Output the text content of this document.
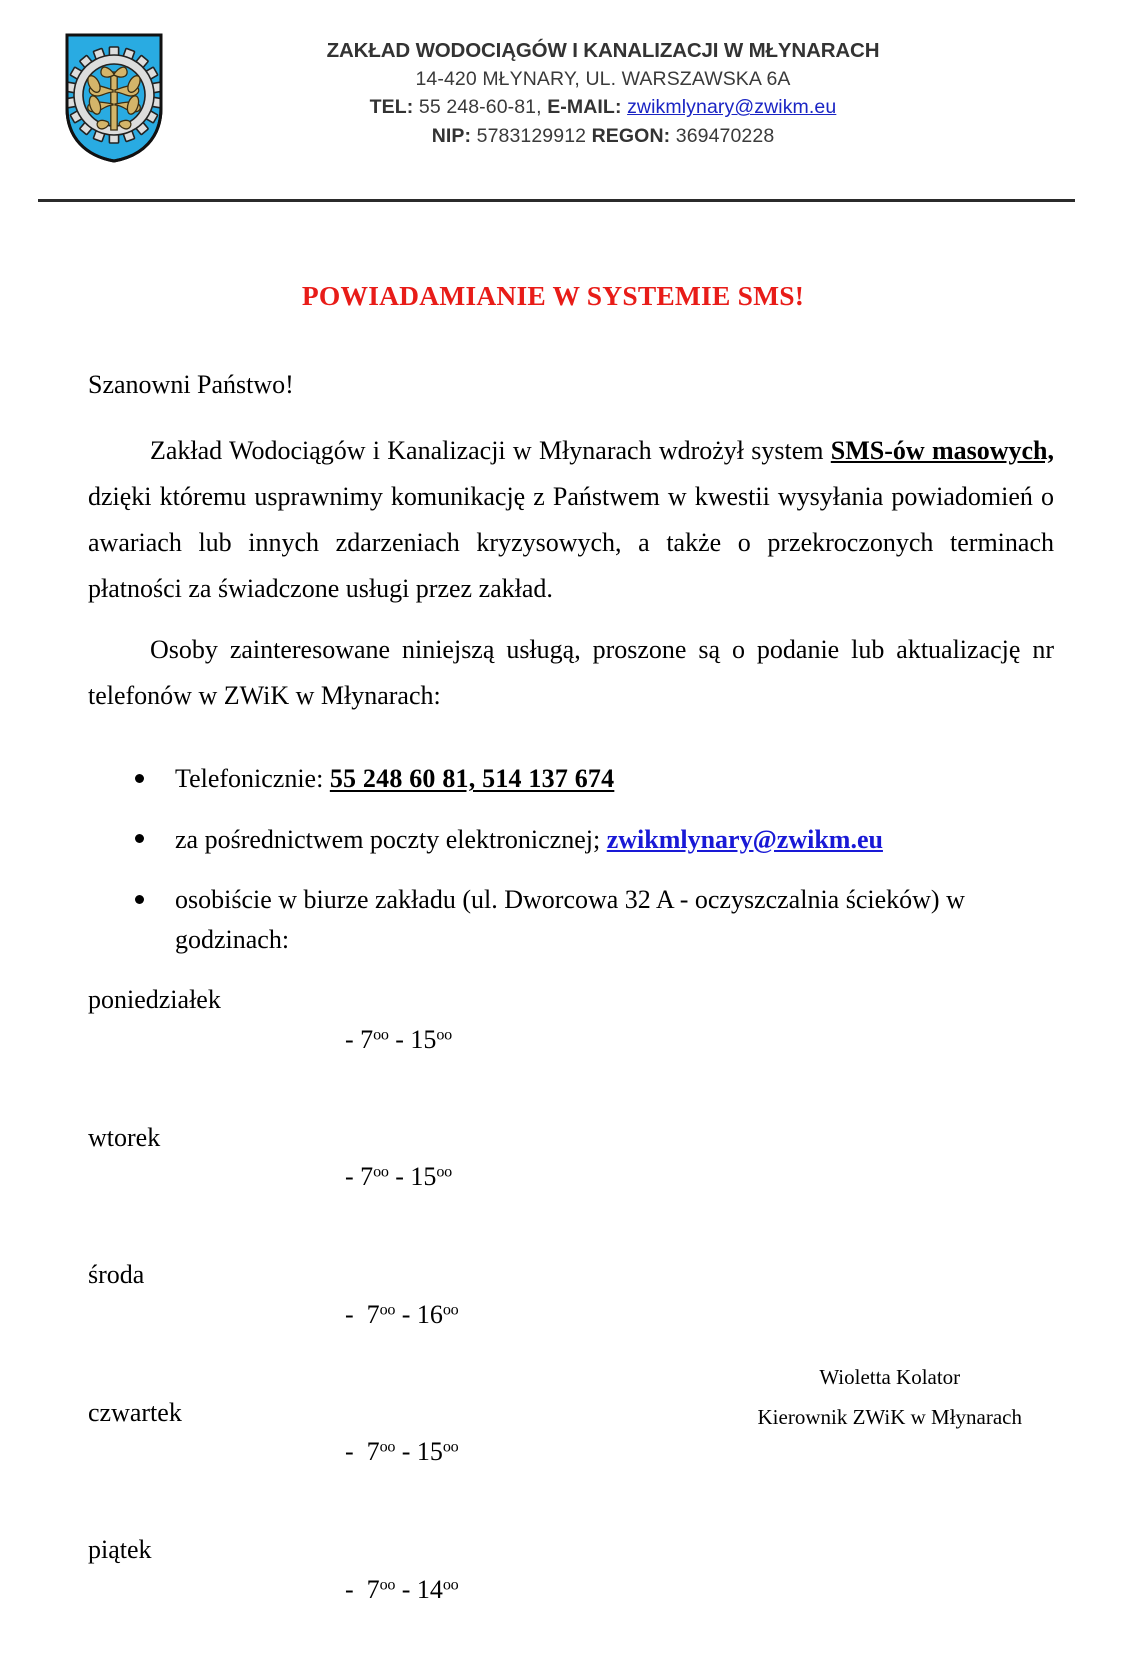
ZAKŁAD WODOCIĄGÓW I KANALIZACJI W MŁYNARACH
14-420 MŁYNARY, UL. WARSZAWSKA 6A
TEL: 55 248-60-81, E-MAIL: zwikmlynary@zwikm.eu
NIP: 5783129912 REGON: 369470228
POWIADAMIANIE W SYSTEMIE SMS!
Szanowni Państwo!

Zakład Wodociągów i Kanalizacji w Młynarach wdrożył system SMS-ów masowych, dzięki któremu usprawnimy komunikację z Państwem w kwestii wysyłania powiadomień o awariach lub innych zdarzeniach kryzysowych, a także o przekroczonych terminach płatności za świadczone usługi przez zakład.

Osoby zainteresowane niniejszą usługą, proszone są o podanie lub aktualizację nr telefonów w ZWiK w Młynarach:

Telefonicznie: 55 248 60 81, 514 137 674
za pośrednictwem poczty elektronicznej; zwikmlynary@zwikm.eu
osobiście w biurze zakładu (ul. Dworcowa 32 A - oczyszczalnia ścieków) w godzinach:
poniedziałek

- $7^{oo} - 15^{oo}$

wtorek

- $7^{oo} - 15^{oo}$

środa

-  $7^{oo} - 16^{oo}$

czwartek

-  $7^{oo} - 15^{oo}$

piątek

-  $7^{oo} - 14^{oo}$

Wioletta Kolator
Kierownik ZWiK w Młynarach
